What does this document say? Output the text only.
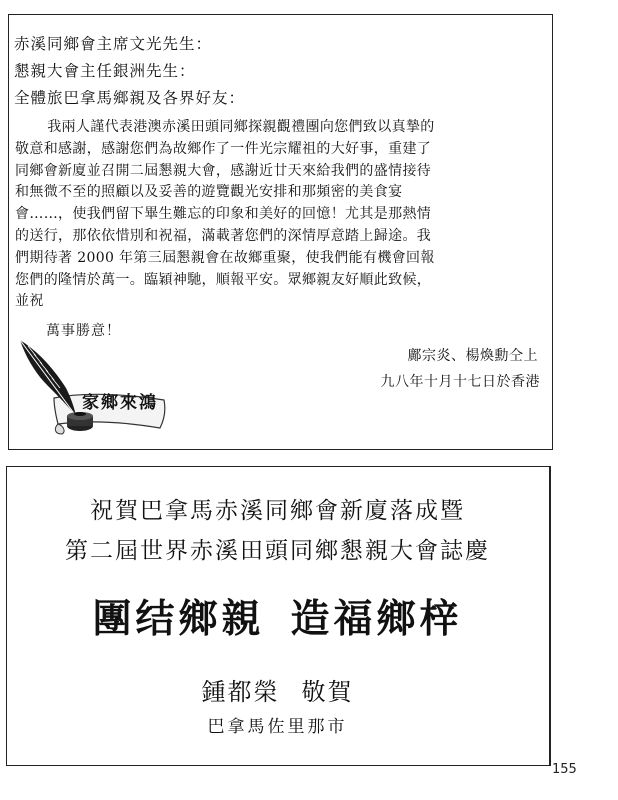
赤溪同鄉會主席文光先生：
懇親大會主任銀洲先生：
全體旅巴拿馬鄉親及各界好友：
我兩人謹代表港澳赤溪田頭同鄉探親觀禮團向您們致以真摯的
敬意和感謝，感謝您們為故鄉作了一件光宗耀祖的大好事，重建了
同鄉會新廈並召開二屆懇親大會，感謝近廿天來給我們的盛情接待
和無微不至的照顧以及妥善的遊覽觀光安排和那頻密的美食宴
會……，使我們留下畢生難忘的印象和美好的回憶！尤其是那熱情
的送行，那依依惜別和祝福，滿載著您們的深情厚意踏上歸途。我
們期待著 2000 年第三屆懇親會在故鄉重聚，使我們能有機會回報
您們的隆情於萬一。臨穎神馳，順報平安。眾鄉親友好順此致候，
並祝
萬事勝意！
鄺宗炎、楊煥勳仝上
九八年十月十七日於香港
家鄉來鴻
祝賀巴拿馬赤溪同鄉會新廈落成暨
第二屆世界赤溪田頭同鄉懇親大會誌慶
團结鄉親 造福鄉梓
鍾都榮 敬賀
巴拿馬佐里那市
155
